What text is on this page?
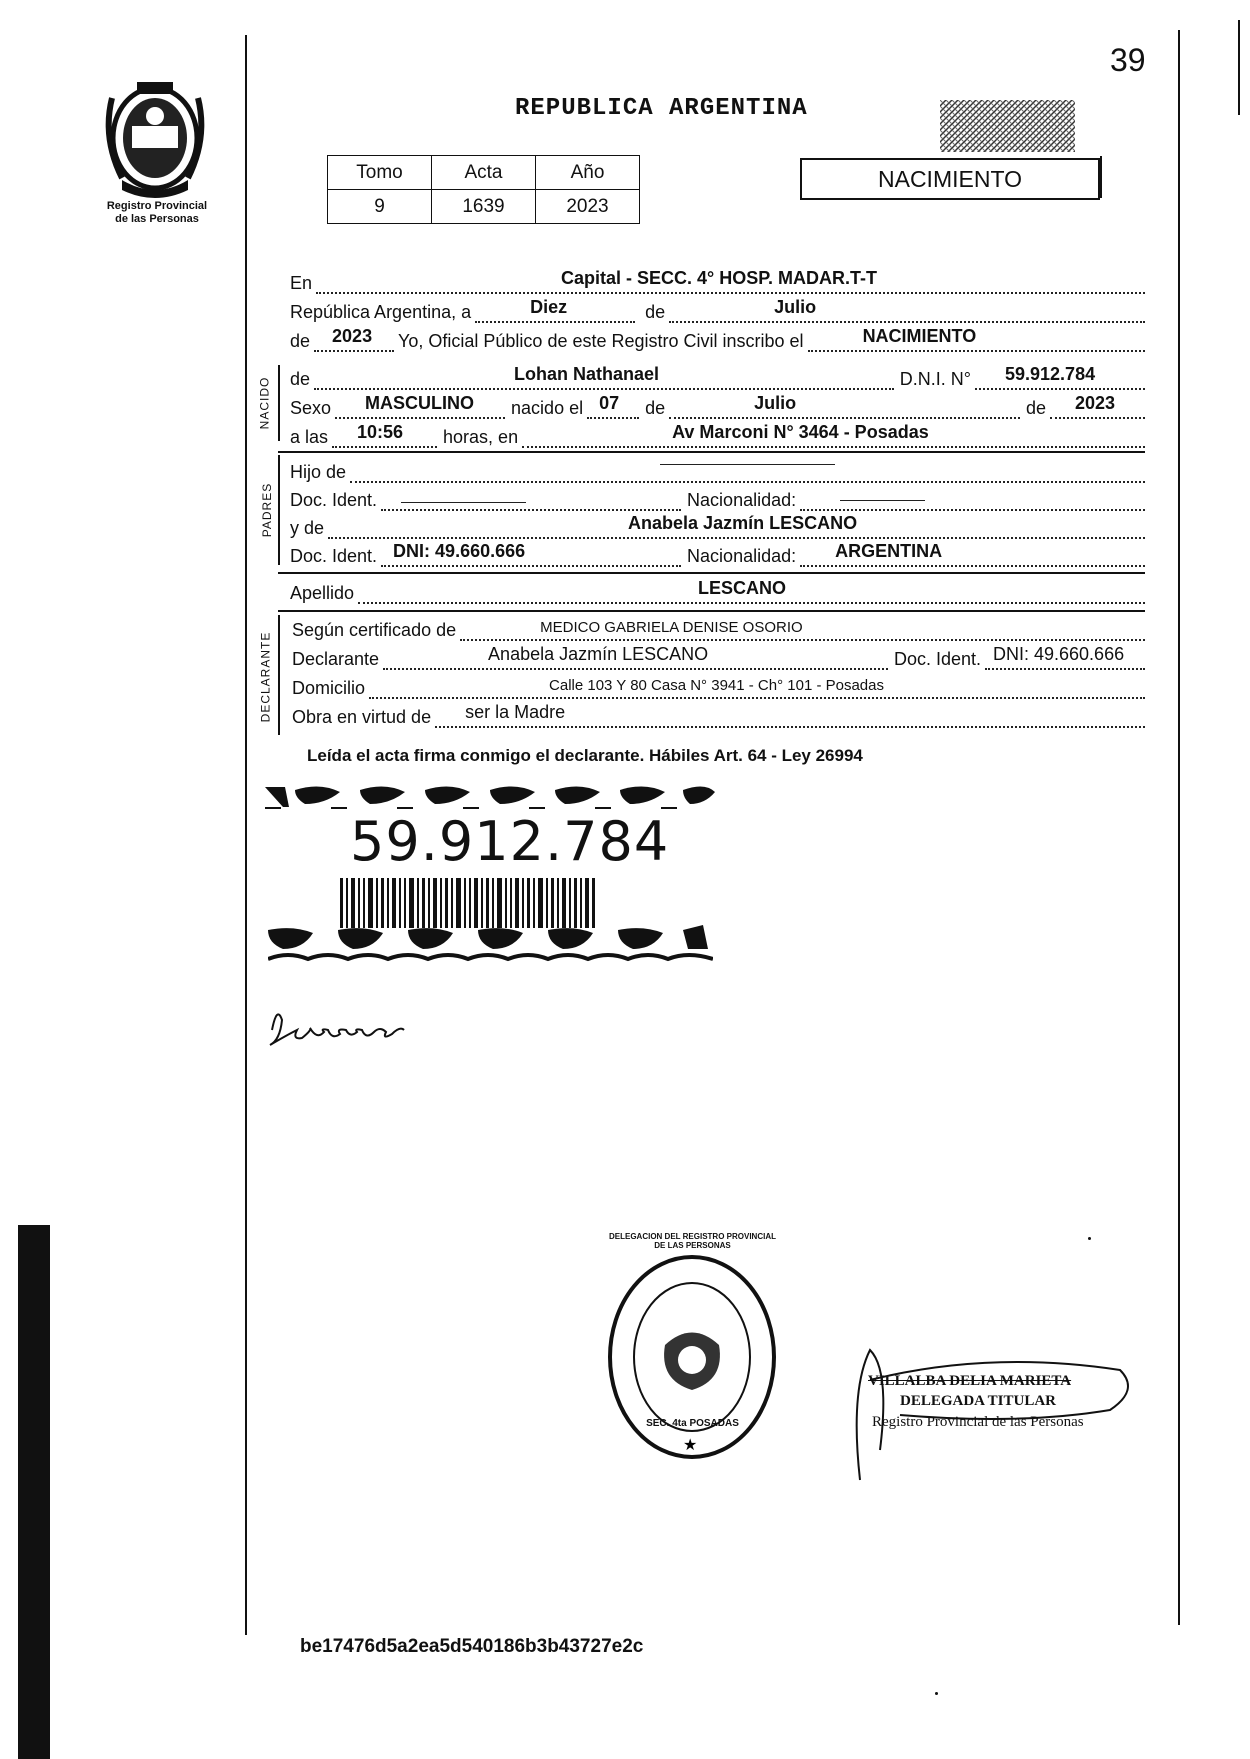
39
Registro Provincial
de las Personas
REPUBLICA ARGENTINA
Tomo	Acta	Año
9	1639	2023
NACIMIENTO
En	Capital - SECC. 4° HOSP. MADAR.T-T
República Argentina, a	Diez	de	Julio
de 2023 Yo, Oficial Público de este Registro Civil inscribo el	NACIMIENTO
NACIDO de	Lohan Nathanael	D.N.I. N° 59.912.784
Sexo MASCULINO	nacido el 07	de	Julio	de 2023
a las 10:56	horas, en	Av Marconi N° 3464 - Posadas
PADRES
Hijo de
Doc. Ident.	Nacionalidad:
y de	Anabela Jazmín LESCANO
Doc. Ident. DNI: 49.660.666	Nacionalidad: ARGENTINA
Apellido	LESCANO
DECLARANTE
Según certificado de	MEDICO GABRIELA DENISE OSORIO
Declarante	Anabela Jazmín LESCANO	Doc. Ident. DNI: 49.660.666
Domicilio	Calle 103 Y 80 Casa N° 3941 - Ch° 101 - Posadas
Obra en virtud de ser la Madre
Leída el acta firma conmigo el declarante. Hábiles Art. 64 - Ley 26994
59.912.784
★
DELEGACION DEL REGISTRO PROVINCIAL DE LAS PERSONAS
SEC. 4ta POSADAS
VILLALBA DELIA MARIETA
DELEGADA TITULAR
Registro Provincial de las Personas
be17476d5a2ea5d540186b3b43727e2c
